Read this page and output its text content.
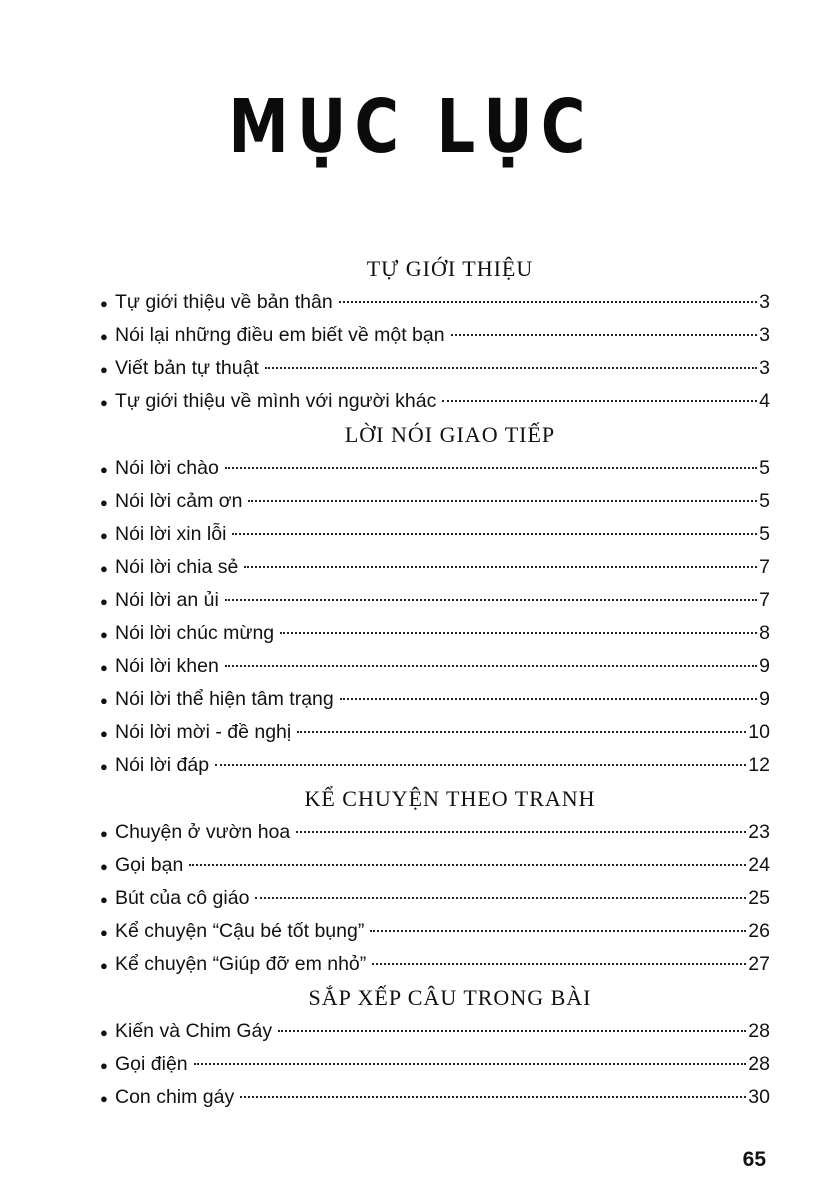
MỤC LỤC
TỰ GIỚI THIỆU
● Tự giới thiệu về bản thân	3
● Nói lại những điều em biết về một bạn	3
● Viết bản tự thuật	3
● Tự giới thiệu về mình với người khác	4
LỜI NÓI GIAO TIẾP
● Nói lời chào	5
● Nói lời cảm ơn	5
● Nói lời xin lỗi	5
● Nói lời chia sẻ	7
● Nói lời an ủi	7
● Nói lời chúc mừng	8
● Nói lời khen	9
● Nói lời thể hiện tâm trạng	9
● Nói lời mời - đề nghị	10
● Nói lời đáp	12
KỂ CHUYỆN THEO TRANH
● Chuyện ở vườn hoa	23
● Gọi bạn	24
● Bút của cô giáo	25
● Kể chuyện “Cậu bé tốt bụng”	26
● Kể chuyện “Giúp đỡ em nhỏ”	27
SẮP XẾP CÂU TRONG BÀI
● Kiến và Chim Gáy	28
● Gọi điện	28
● Con chim gáy	30
65
